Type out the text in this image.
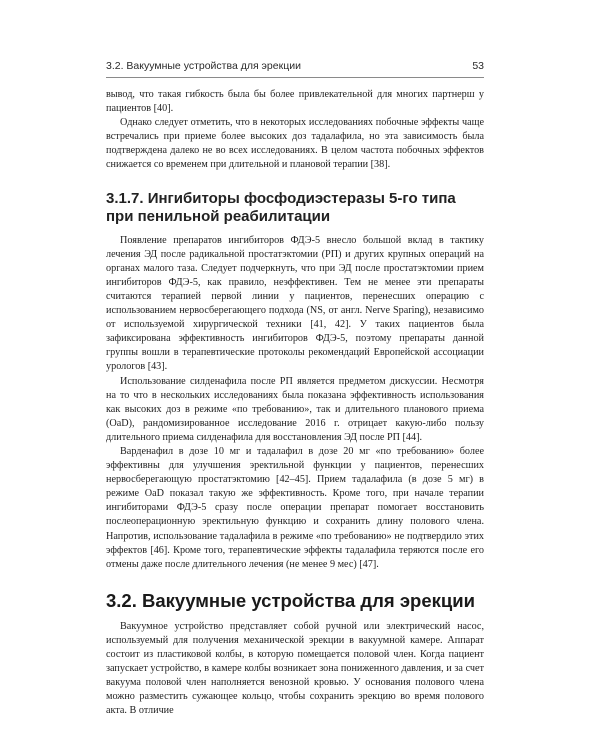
3.2. Вакуумные устройства для эрекции	53

вывод, что такая гибкость была бы более привлекательной для многих партнерш у пациентов [40].

Однако следует отметить, что в некоторых исследованиях побочные эффекты чаще встречались при приеме более высоких доз тадалафила, но эта зависимость была подтверждена далеко не во всех исследованиях. В целом частота побочных эффектов снижается со временем при длительной и плановой терапии [38].

3.1.7. Ингибиторы фосфодиэстеразы 5-го типа при пенильной реабилитации

Появление препаратов ингибиторов ФДЭ-5 внесло большой вклад в тактику лечения ЭД после радикальной простатэктомии (РП) и других крупных операций на органах малого таза. Следует подчеркнуть, что при ЭД после простатэктомии прием ингибиторов ФДЭ-5, как правило, неэффективен. Тем не менее эти препараты считаются терапией первой линии у пациентов, перенесших операцию с использованием нервосберегающего подхода (NS, от англ. Nerve Sparing), независимо от используемой хирургической техники [41, 42]. У таких пациентов была зафиксирована эффективность ингибиторов ФДЭ-5, поэтому препараты данной группы вошли в терапевтические протоколы рекомендаций Европейской ассоциации урологов [43].

Использование силденафила после РП является предметом дискуссии. Несмотря на то что в нескольких исследованиях была показана эффективность использования как высоких доз в режиме «по требованию», так и длительного планового приема (OaD), рандомизированное исследование 2016 г. отрицает какую-либо пользу длительного приема силденафила для восстановления ЭД после РП [44].

Варденафил в дозе 10 мг и тадалафил в дозе 20 мг «по требованию» более эффективны для улучшения эректильной функции у пациентов, перенесших нервосберегающую простатэктомию [42–45]. Прием тадалафила (в дозе 5 мг) в режиме OaD показал такую же эффективность. Кроме того, при начале терапии ингибиторами ФДЭ-5 сразу после операции препарат помогает восстановить послеоперационную эректильную функцию и сохранить длину полового члена. Напротив, использование тадалафила в режиме «по требованию» не подтвердило этих эффектов [46]. Кроме того, терапевтические эффекты тадалафила теряются после его отмены даже после длительного лечения (не менее 9 мес) [47].

3.2. Вакуумные устройства для эрекции

Вакуумное устройство представляет собой ручной или электрический насос, используемый для получения механической эрекции в вакуумной камере. Аппарат состоит из пластиковой колбы, в которую помещается половой член. Когда пациент запускает устройство, в камере колбы возникает зона пониженного давления, и за счет вакуума половой член наполняется венозной кровью. У основания полового члена можно разместить сужающее кольцо, чтобы сохранить эрекцию во время полового акта. В отличие
